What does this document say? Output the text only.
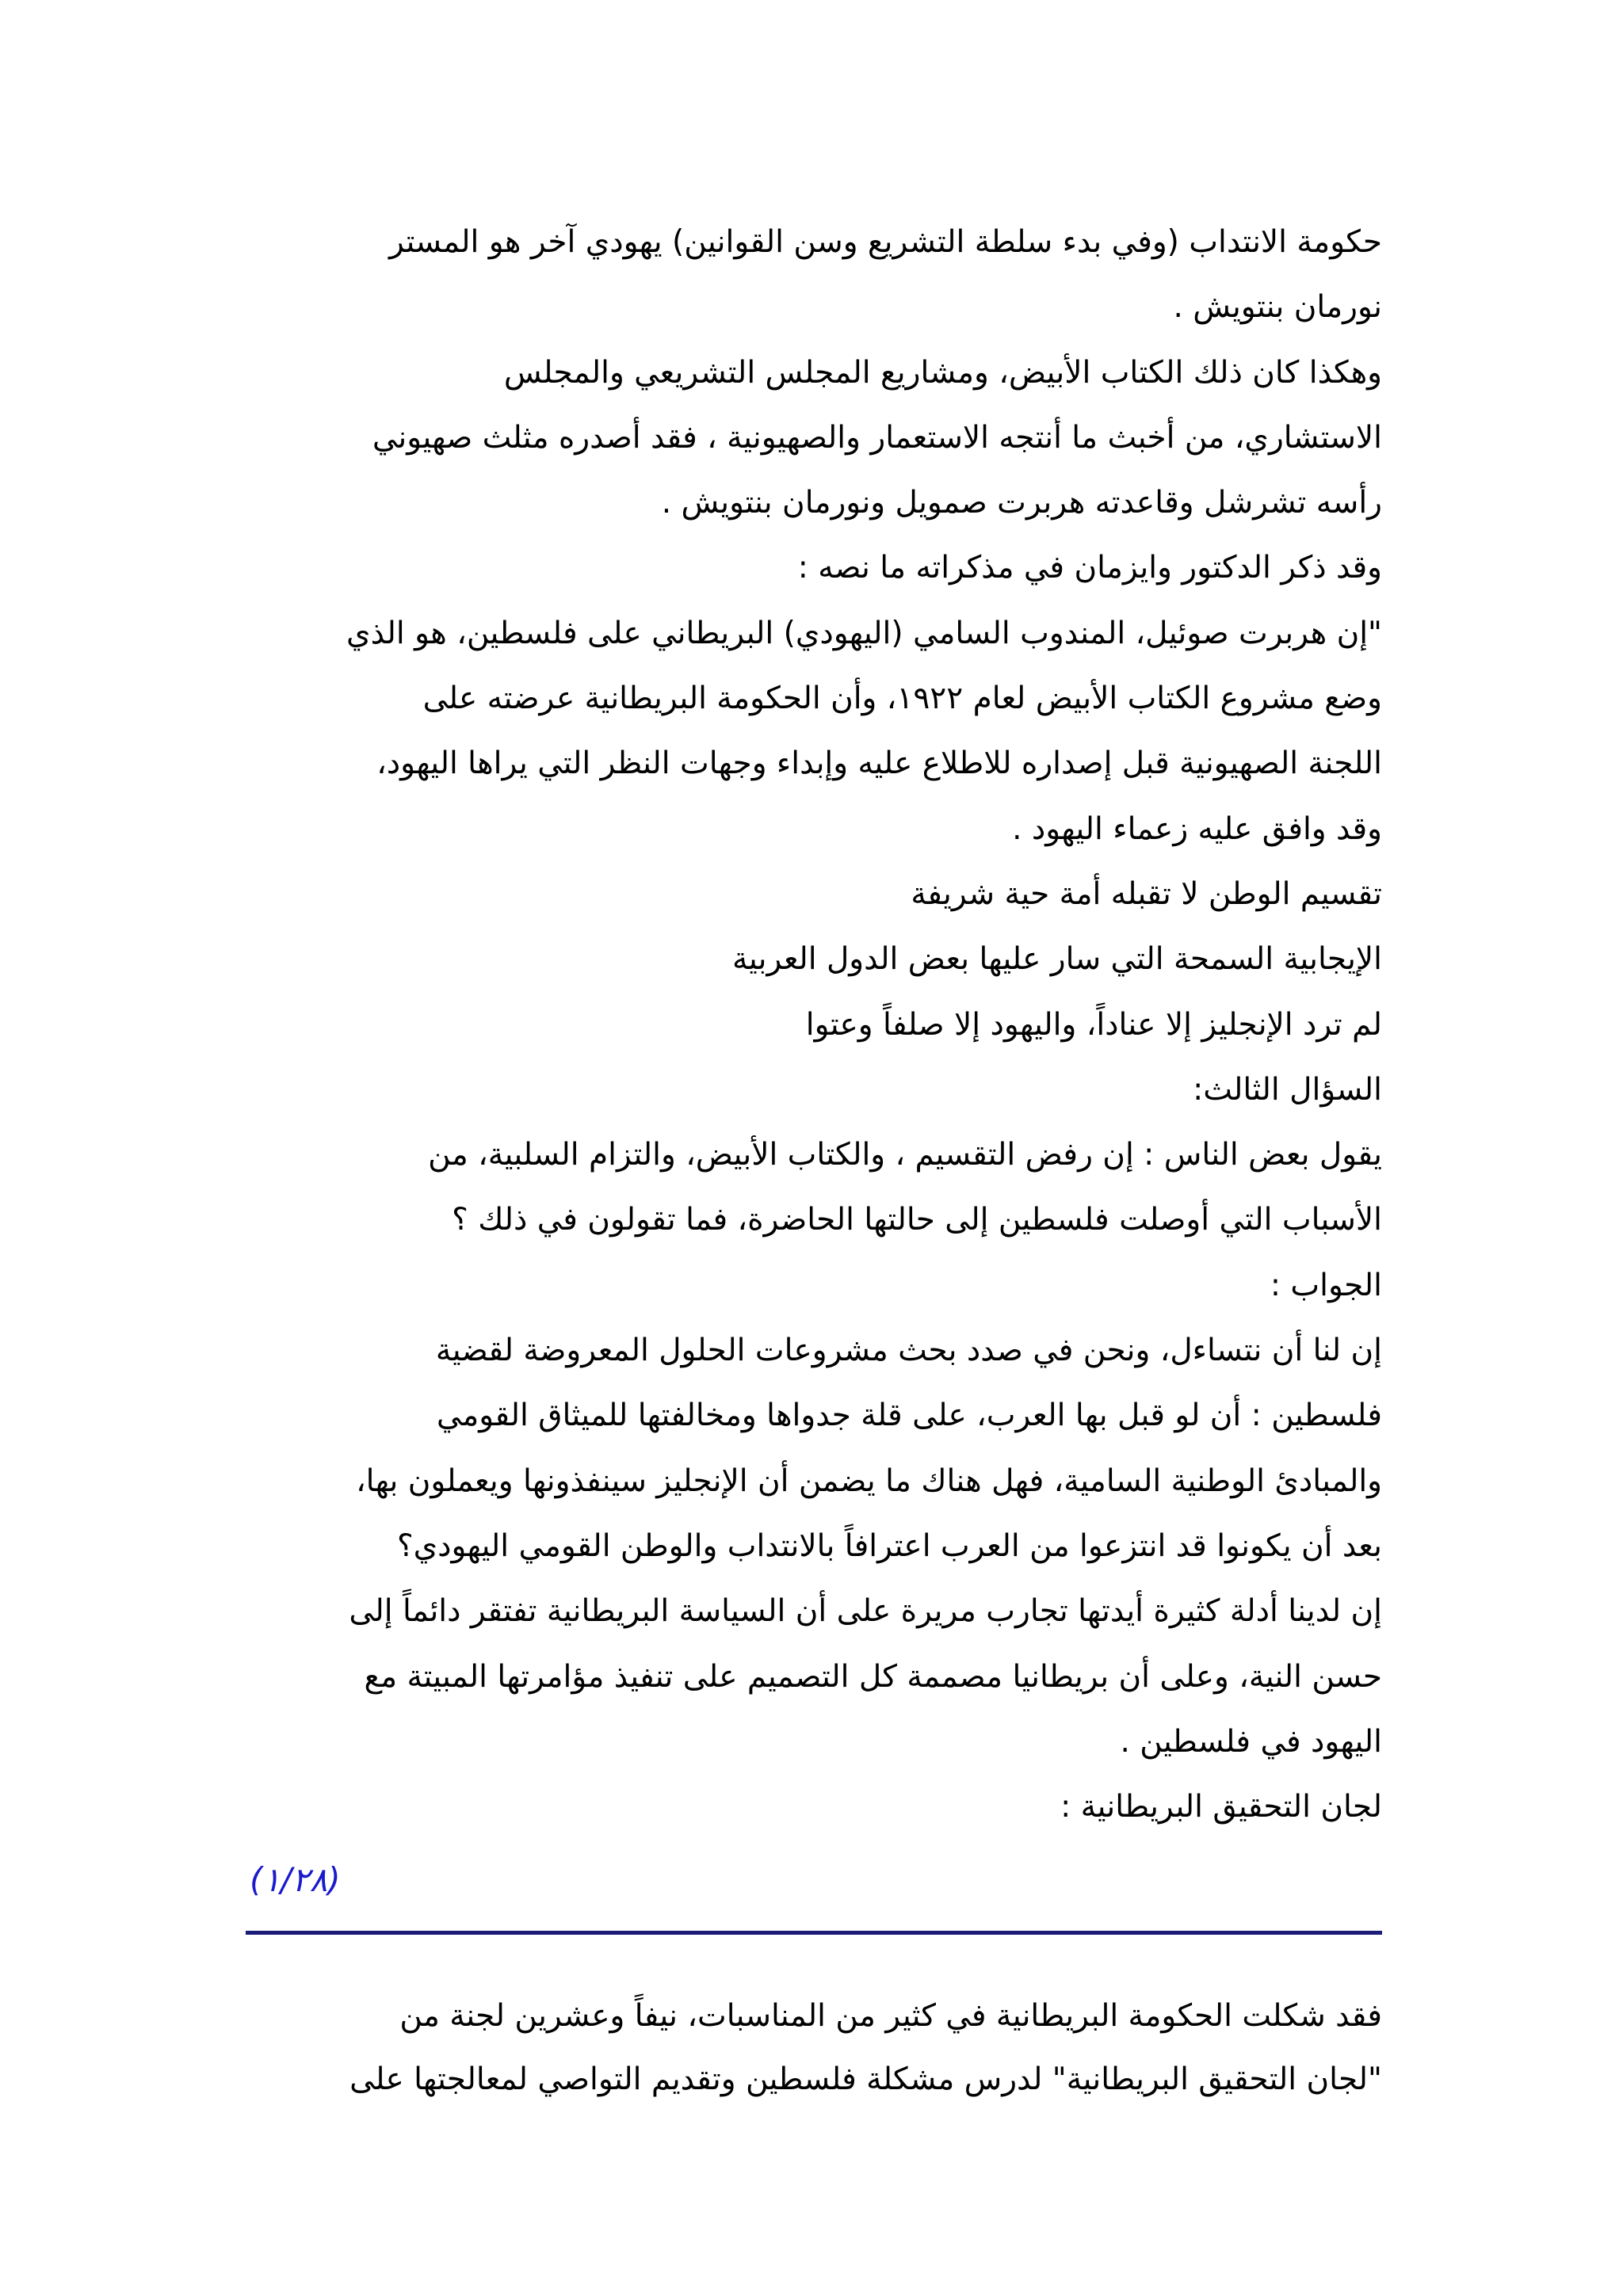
حكومة الانتداب (وفي بدء سلطة التشريع وسن القوانين) يهودي آخر هو المستر
نورمان بنتويش .
وهكذا كان ذلك الكتاب الأبيض، ومشاريع المجلس التشريعي والمجلس
الاستشاري، من أخبث ما أنتجه الاستعمار والصهيونية ، فقد أصدره مثلث صهيوني
رأسه تشرشل وقاعدته هربرت صمويل ونورمان بنتويش .
وقد ذكر الدكتور وايزمان في مذكراته ما نصه :
"إن هربرت صوئيل، المندوب السامي (اليهودي) البريطاني على فلسطين، هو الذي
وضع مشروع الكتاب الأبيض لعام ١٩٢٢، وأن الحكومة البريطانية عرضته على
اللجنة الصهيونية قبل إصداره للاطلاع عليه وإبداء وجهات النظر التي يراها اليهود،
وقد وافق عليه زعماء اليهود .
تقسيم الوطن لا تقبله أمة حية شريفة
الإيجابية السمحة التي سار عليها بعض الدول العربية
لم ترد الإنجليز إلا عناداً، واليهود إلا صلفاً وعتوا
السؤال الثالث:
يقول بعض الناس : إن رفض التقسيم ، والكتاب الأبيض، والتزام السلبية، من
الأسباب التي أوصلت فلسطين إلى حالتها الحاضرة، فما تقولون في ذلك ؟
الجواب :
إن لنا أن نتساءل، ونحن في صدد بحث مشروعات الحلول المعروضة لقضية
فلسطين : أن لو قبل بها العرب، على قلة جدواها ومخالفتها للميثاق القومي
والمبادئ الوطنية السامية، فهل هناك ما يضمن أن الإنجليز سينفذونها ويعملون بها،
بعد أن يكونوا قد انتزعوا من العرب اعترافاً بالانتداب والوطن القومي اليهودي؟
إن لدينا أدلة كثيرة أيدتها تجارب مريرة على أن السياسة البريطانية تفتقر دائماً إلى
حسن النية، وعلى أن بريطانيا مصممة كل التصميم على تنفيذ مؤامرتها المبيتة مع
اليهود في فلسطين .
لجان التحقيق البريطانية :
(١/٢٨)
فقد شكلت الحكومة البريطانية في كثير من المناسبات، نيفاً وعشرين لجنة من
"لجان التحقيق البريطانية" لدرس مشكلة فلسطين وتقديم التواصي لمعالجتها على
